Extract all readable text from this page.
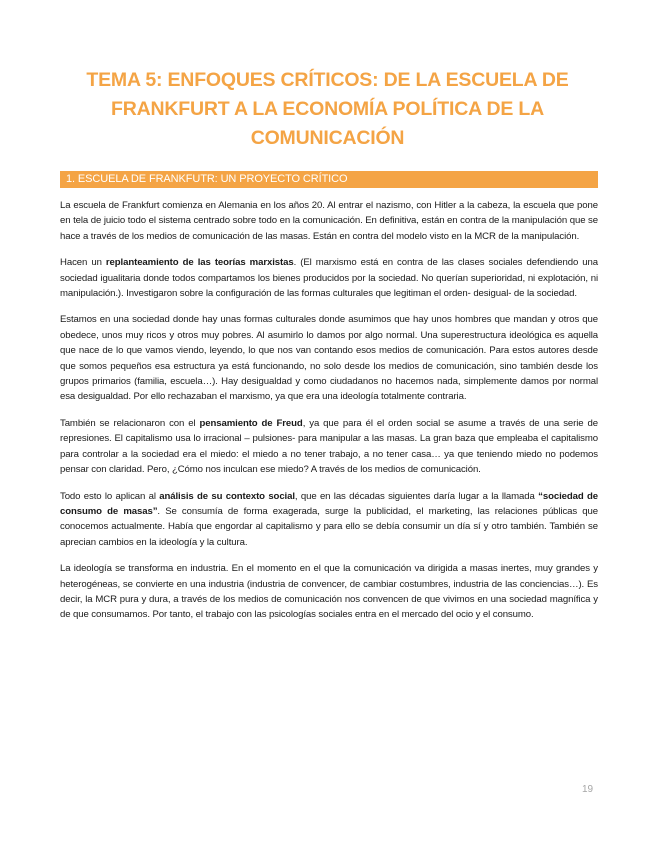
TEMA 5: ENFOQUES CRÍTICOS: DE LA ESCUELA DE FRANKFURT A LA ECONOMÍA POLÍTICA DE LA COMUNICACIÓN
1. ESCUELA DE FRANKFUTR: UN PROYECTO CRÍTICO

La escuela de Frankfurt comienza en Alemania en los años 20. Al entrar el nazismo, con Hitler a la cabeza, la escuela que pone en tela de juicio todo el sistema centrado sobre todo en la comunicación. En definitiva, están en contra de la manipulación que se hace a través de los medios de comunicación de las masas. Están en contra del modelo visto en la MCR de la manipulación.

Hacen un replanteamiento de las teorías marxistas. (El marxismo está en contra de las clases sociales defendiendo una sociedad igualitaria donde todos compartamos los bienes producidos por la sociedad. No querían superioridad, ni explotación, ni manipulación.). Investigaron sobre la configuración de las formas culturales que legitiman el orden- desigual- de la sociedad.

Estamos en una sociedad donde hay unas formas culturales donde asumimos que hay unos hombres que mandan y otros que obedece, unos muy ricos y otros muy pobres. Al asumirlo lo damos por algo normal. Una superestructura ideológica es aquella que nace de lo que vamos viendo, leyendo, lo que nos van contando esos medios de comunicación. Para estos autores desde que somos pequeños esa estructura ya está funcionando, no solo desde los medios de comunicación, sino también desde los grupos primarios (familia, escuela…). Hay desigualdad y como ciudadanos no hacemos nada, simplemente damos por normal esa desigualdad. Por ello rechazaban el marxismo, ya que era una ideología totalmente contraria.

También se relacionaron con el pensamiento de Freud, ya que para él el orden social se asume a través de una serie de represiones. El capitalismo usa lo irracional – pulsiones- para manipular a las masas. La gran baza que empleaba el capitalismo para controlar a la sociedad era el miedo: el miedo a no tener trabajo, a no tener casa… ya que teniendo miedo no podemos pensar con claridad. Pero, ¿Cómo nos inculcan ese miedo? A través de los medios de comunicación.

Todo esto lo aplican al análisis de su contexto social, que en las décadas siguientes daría lugar a la llamada “sociedad de consumo de masas”. Se consumía de forma exagerada, surge la publicidad, el marketing, las relaciones públicas que conocemos actualmente. Había que engordar al capitalismo y para ello se debía consumir un día sí y otro también. También se aprecian cambios en la ideología y la cultura.

La ideología se transforma en industria. En el momento en el que la comunicación va dirigida a masas inertes, muy grandes y heterogéneas, se convierte en una industria (industria de convencer, de cambiar costumbres, industria de las conciencias…). Es decir, la MCR pura y dura, a través de los medios de comunicación nos convencen de que vivimos en una sociedad magnífica y de que consumamos. Por tanto, el trabajo con las psicologías sociales entra en el mercado del ocio y el consumo.

19
